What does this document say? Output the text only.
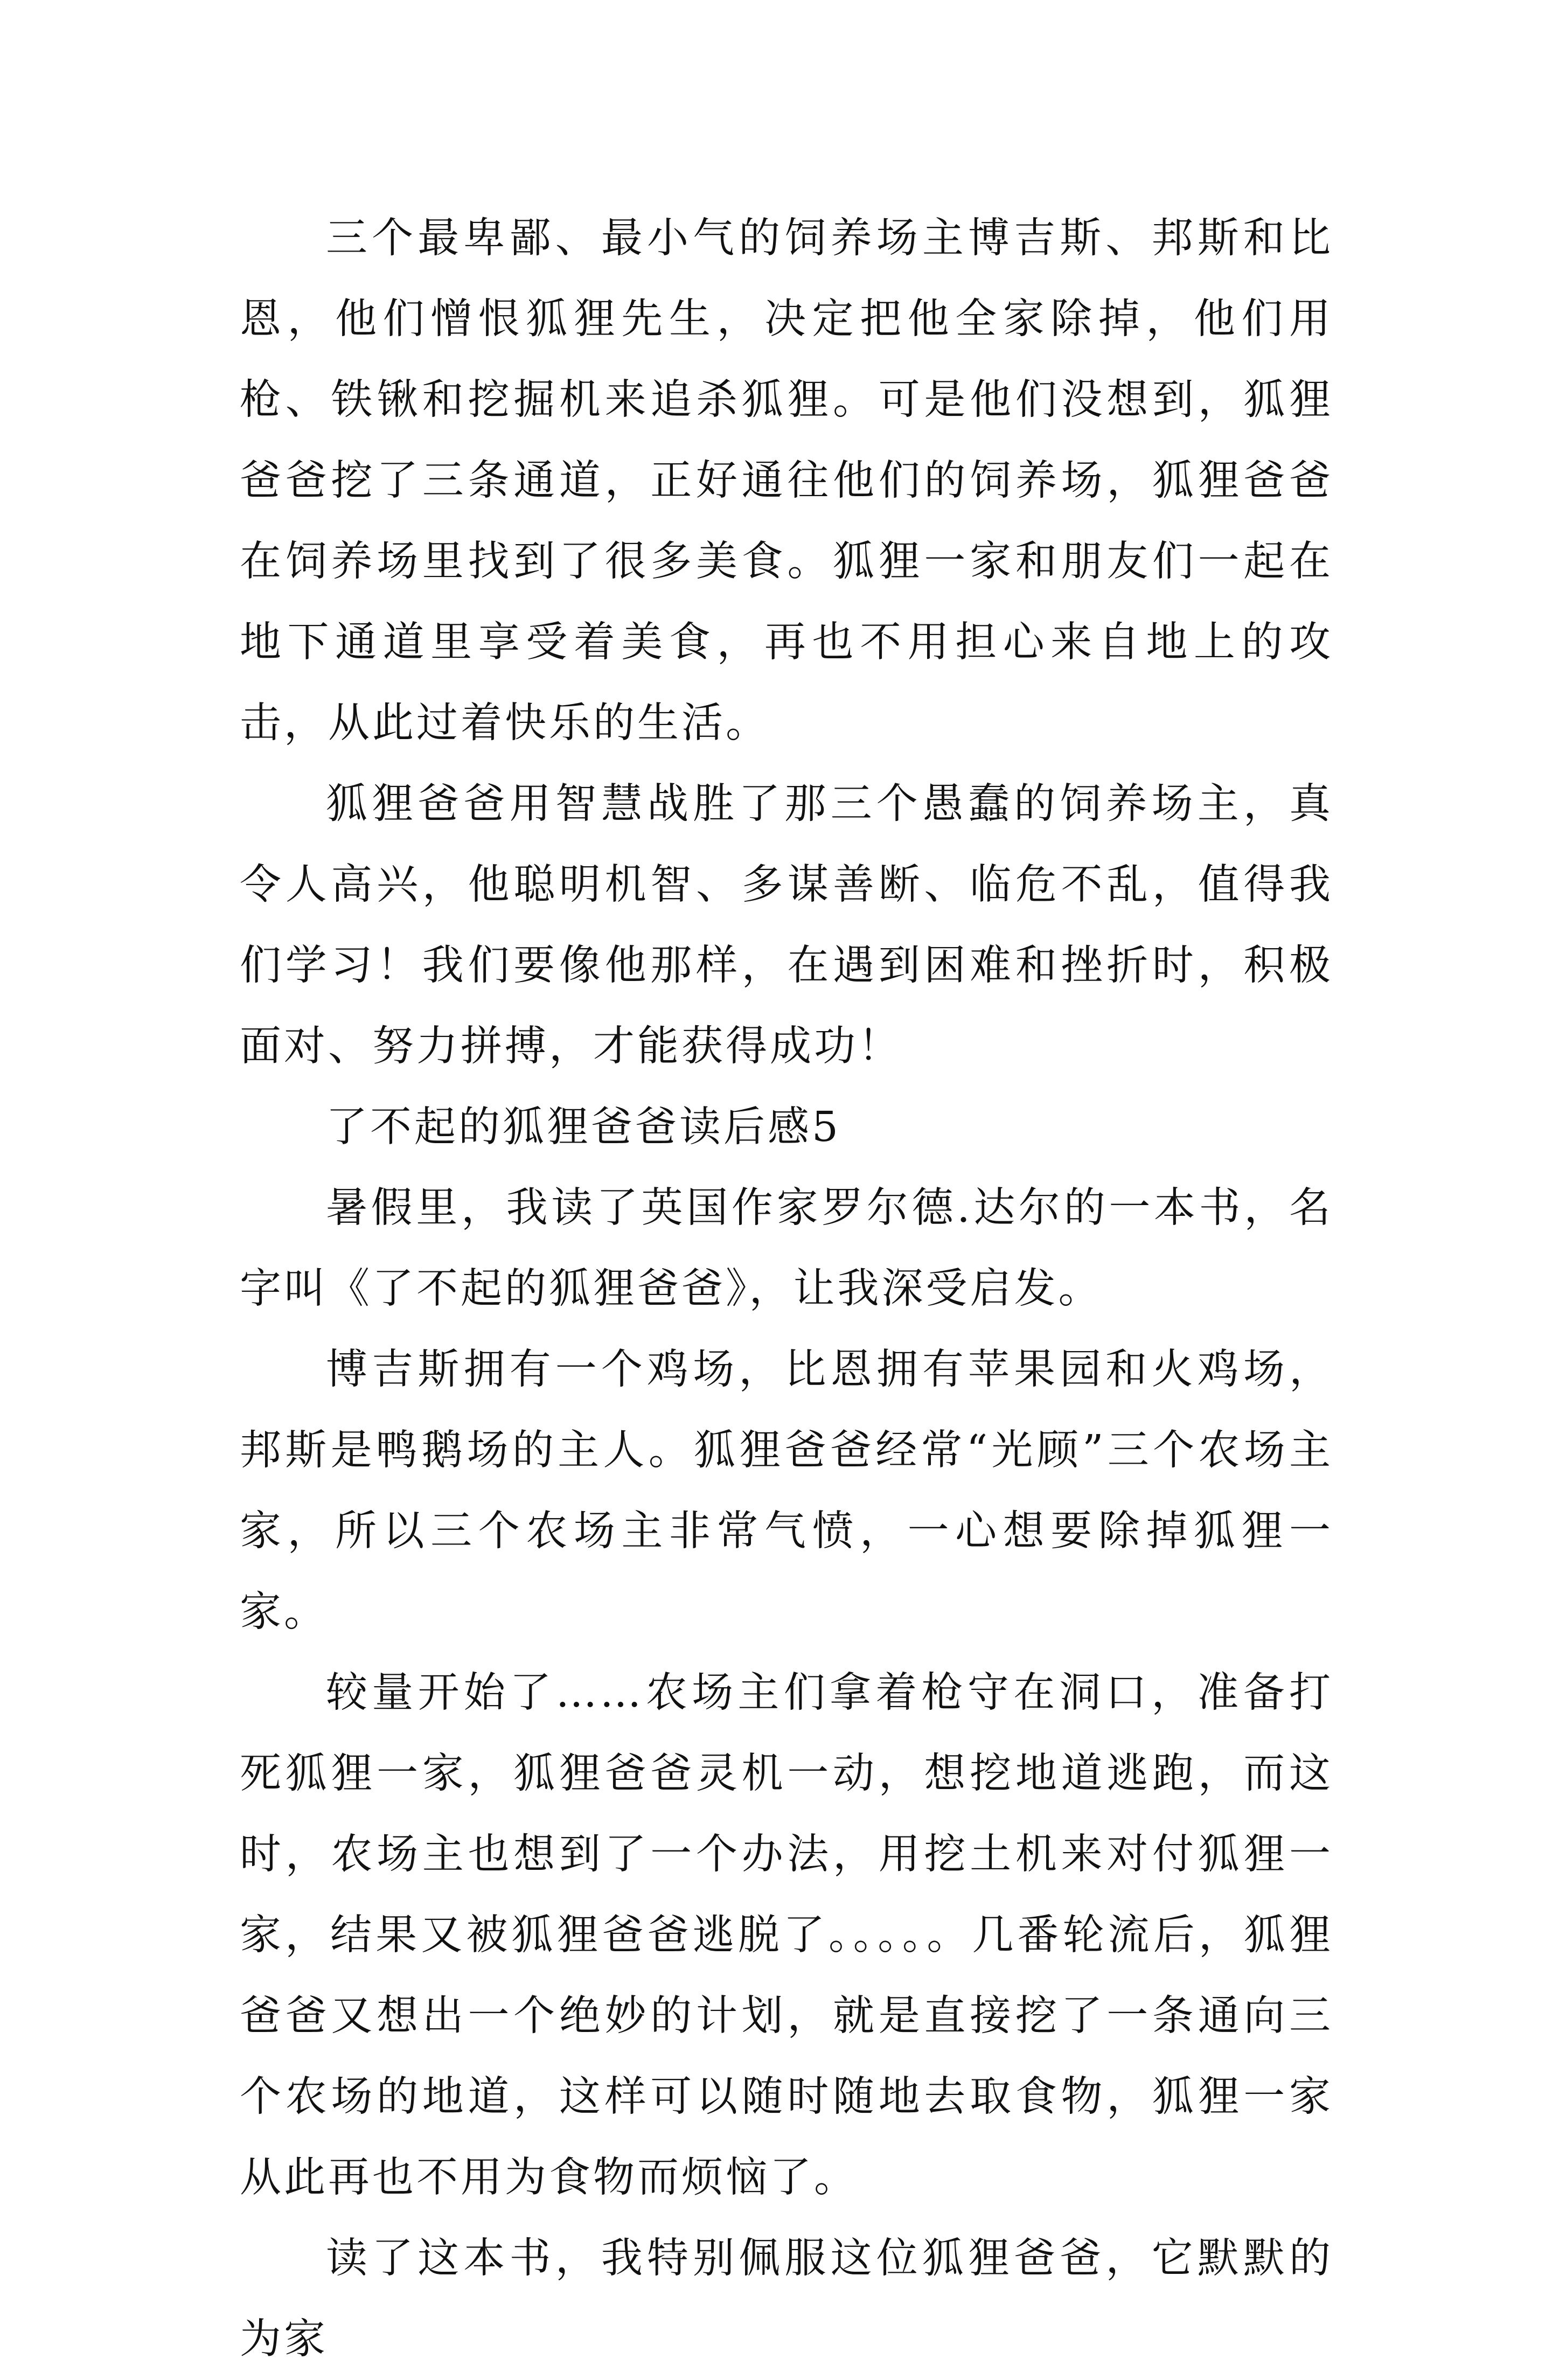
三个最卑鄙、最小气的饲养场主博吉斯、邦斯和比恩，他们憎恨狐狸先生，决定把他全家除掉，他们用枪、铁锹和挖掘机来追杀狐狸。可是他们没想到，狐狸爸爸挖了三条通道，正好通往他们的饲养场，狐狸爸爸在饲养场里找到了很多美食。狐狸一家和朋友们一起在地下通道里享受着美食，再也不用担心来自地上的攻击，从此过着快乐的生活。

狐狸爸爸用智慧战胜了那三个愚蠢的饲养场主，真令人高兴，他聪明机智、多谋善断、临危不乱，值得我们学习！我们要像他那样，在遇到困难和挫折时，积极面对、努力拼搏，才能获得成功！

了不起的狐狸爸爸读后感5

暑假里，我读了英国作家罗尔德.达尔的一本书，名字叫《了不起的狐狸爸爸》，让我深受启发。

博吉斯拥有一个鸡场，比恩拥有苹果园和火鸡场，邦斯是鸭鹅场的主人。狐狸爸爸经常“光顾”三个农场主家，所以三个农场主非常气愤，一心想要除掉狐狸一家。

较量开始了……农场主们拿着枪守在洞口，准备打死狐狸一家，狐狸爸爸灵机一动，想挖地道逃跑，而这时，农场主也想到了一个办法，用挖土机来对付狐狸一家，结果又被狐狸爸爸逃脱了。。。。。几番轮流后，狐狸爸爸又想出一个绝妙的计划，就是直接挖了一条通向三个农场的地道，这样可以随时随地去取食物，狐狸一家从此再也不用为食物而烦恼了。

读了这本书，我特别佩服这位狐狸爸爸，它默默的为家
